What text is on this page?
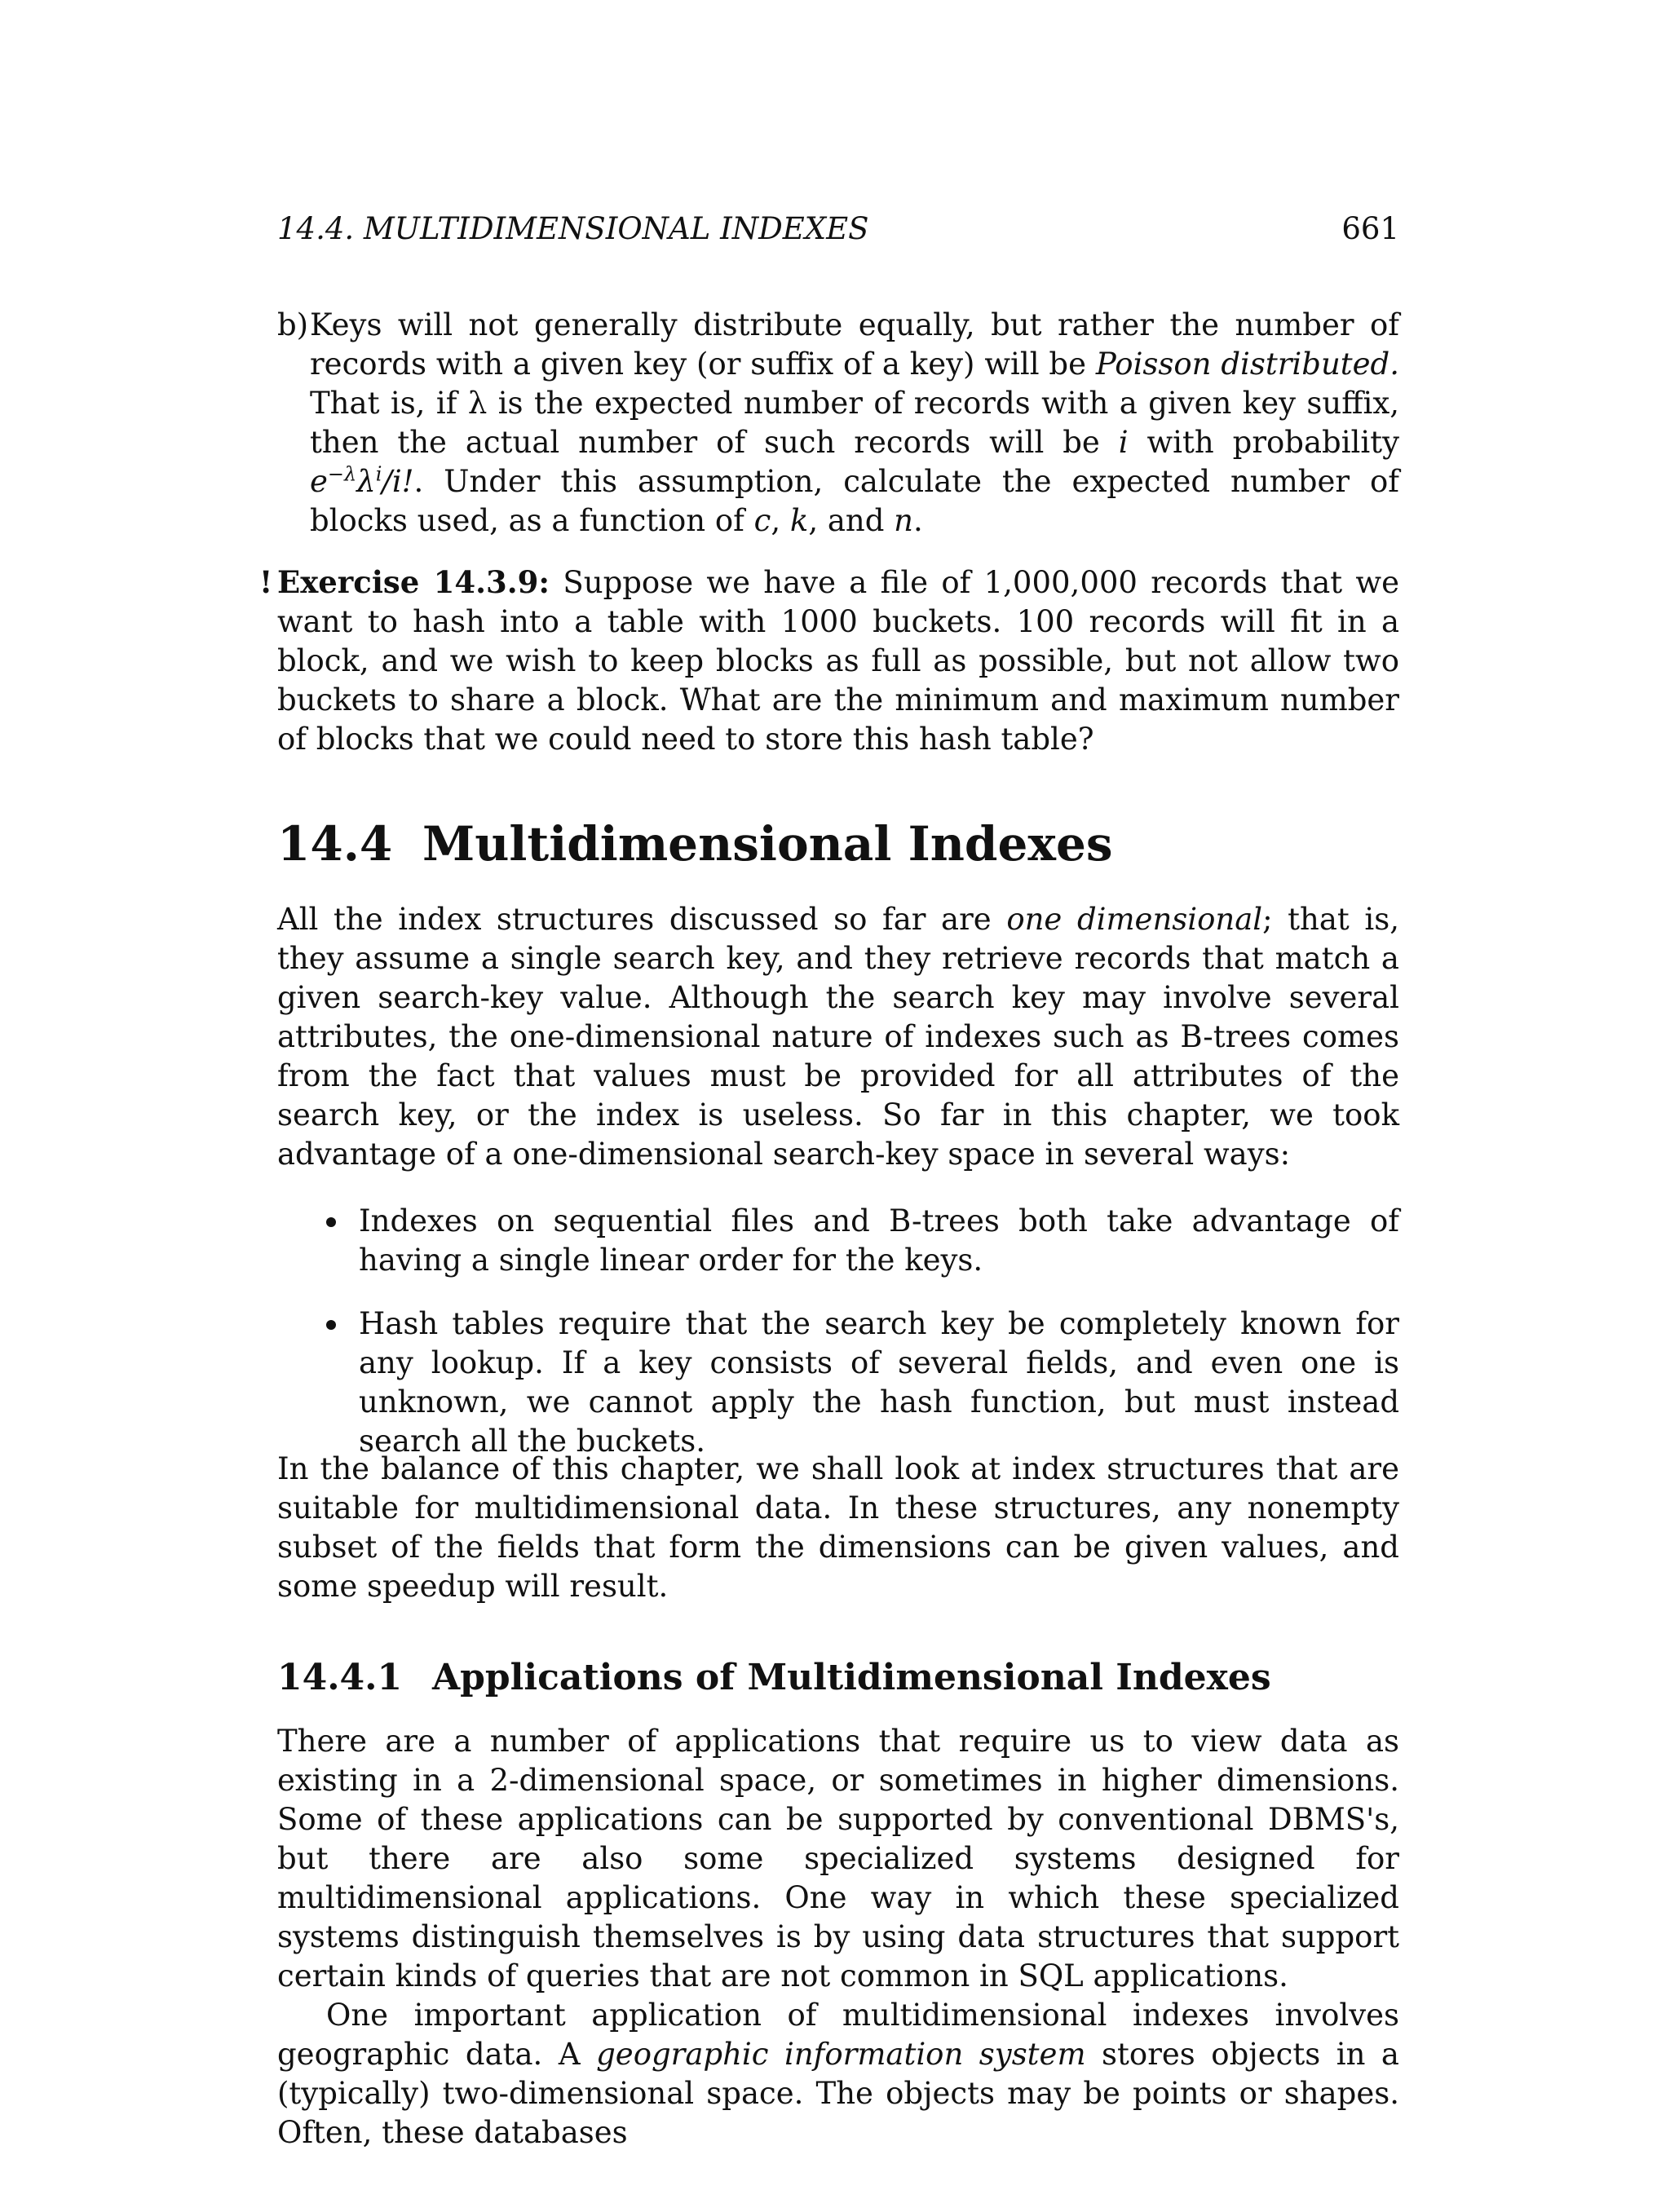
14.4. MULTIDIMENSIONAL INDEXES	661
b) Keys will not generally distribute equally, but rather the number of records with a given key (or suffix of a key) will be Poisson distributed. That is, if λ is the expected number of records with a given key suffix, then the actual number of such records will be i with probability $e^{-\lambda}\lambda^i/i$!. Under this assumption, calculate the expected number of blocks used, as a function of c, k, and n.

! Exercise 14.3.9: Suppose we have a file of 1,000,000 records that we want to hash into a table with 1000 buckets. 100 records will fit in a block, and we wish to keep blocks as full as possible, but not allow two buckets to share a block. What are the minimum and maximum number of blocks that we could need to store this hash table?

14.4 Multidimensional Indexes

All the index structures discussed so far are one dimensional; that is, they assume a single search key, and they retrieve records that match a given search-key value. Although the search key may involve several attributes, the one-dimensional nature of indexes such as B-trees comes from the fact that values must be provided for all attributes of the search key, or the index is useless. So far in this chapter, we took advantage of a one-dimensional search-key space in several ways:

Indexes on sequential files and B-trees both take advantage of having a single linear order for the keys.

Hash tables require that the search key be completely known for any lookup. If a key consists of several fields, and even one is unknown, we cannot apply the hash function, but must instead search all the buckets.

In the balance of this chapter, we shall look at index structures that are suitable for multidimensional data. In these structures, any nonempty subset of the fields that form the dimensions can be given values, and some speedup will result.

14.4.1 Applications of Multidimensional Indexes

There are a number of applications that require us to view data as existing in a 2-dimensional space, or sometimes in higher dimensions. Some of these applications can be supported by conventional DBMS's, but there are also some specialized systems designed for multidimensional applications. One way in which these specialized systems distinguish themselves is by using data structures that support certain kinds of queries that are not common in SQL applications.

One important application of multidimensional indexes involves geographic data. A geographic information system stores objects in a (typically) two-dimensional space. The objects may be points or shapes. Often, these databases
